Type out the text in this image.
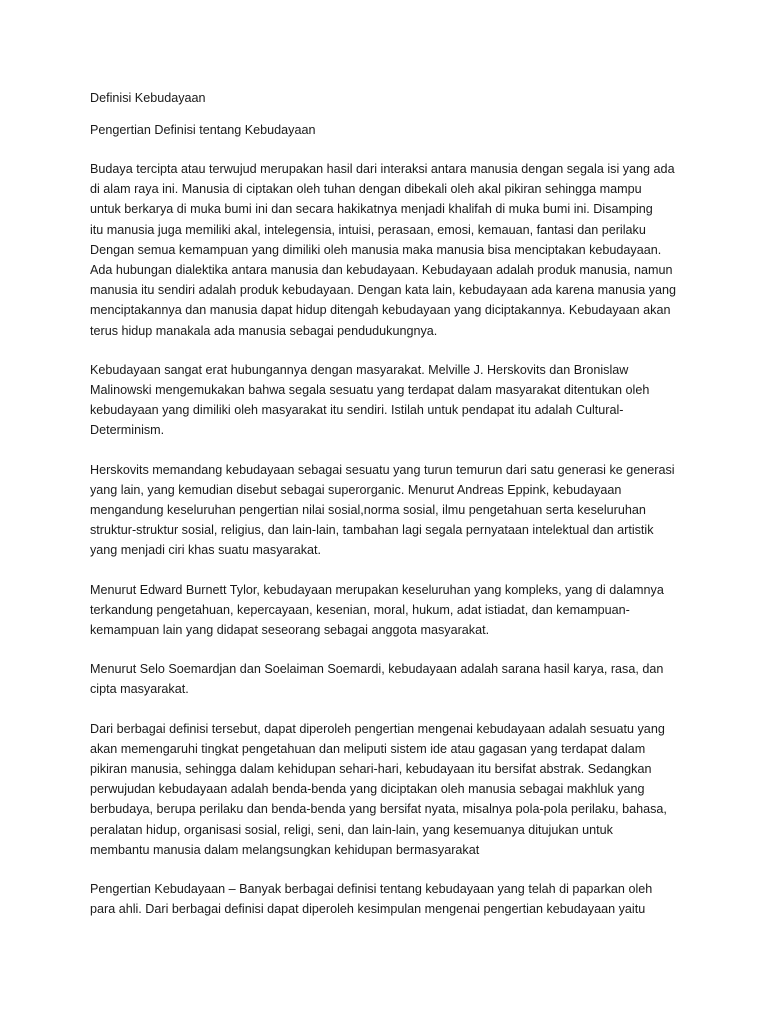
Definisi Kebudayaan
Pengertian Definisi tentang Kebudayaan

Budaya tercipta atau terwujud merupakan hasil dari interaksi antara manusia dengan segala isi yang ada
di alam raya ini. Manusia di ciptakan oleh tuhan dengan dibekali oleh akal pikiran sehingga mampu
untuk berkarya di muka bumi ini dan secara hakikatnya menjadi khalifah di muka bumi ini. Disamping
itu manusia juga memiliki akal, intelegensia, intuisi, perasaan, emosi, kemauan, fantasi dan perilaku
Dengan semua kemampuan yang dimiliki oleh manusia maka manusia bisa menciptakan kebudayaan.
Ada hubungan dialektika antara manusia dan kebudayaan. Kebudayaan adalah produk manusia, namun
manusia itu sendiri adalah produk kebudayaan. Dengan kata lain, kebudayaan ada karena manusia yang
menciptakannya dan manusia dapat hidup ditengah kebudayaan yang diciptakannya. Kebudayaan akan
terus hidup manakala ada manusia sebagai pendudukungnya.

Kebudayaan sangat erat hubungannya dengan masyarakat. Melville J. Herskovits dan Bronislaw
Malinowski mengemukakan bahwa segala sesuatu yang terdapat dalam masyarakat ditentukan oleh
kebudayaan yang dimiliki oleh masyarakat itu sendiri. Istilah untuk pendapat itu adalah Cultural-
Determinism.

Herskovits memandang kebudayaan sebagai sesuatu yang turun temurun dari satu generasi ke generasi
yang lain, yang kemudian disebut sebagai superorganic. Menurut Andreas Eppink, kebudayaan
mengandung keseluruhan pengertian nilai sosial,norma sosial, ilmu pengetahuan serta keseluruhan
struktur-struktur sosial, religius, dan lain-lain, tambahan lagi segala pernyataan intelektual dan artistik
yang menjadi ciri khas suatu masyarakat.

Menurut Edward Burnett Tylor, kebudayaan merupakan keseluruhan yang kompleks, yang di dalamnya
terkandung pengetahuan, kepercayaan, kesenian, moral, hukum, adat istiadat, dan kemampuan-
kemampuan lain yang didapat seseorang sebagai anggota masyarakat.

Menurut Selo Soemardjan dan Soelaiman Soemardi, kebudayaan adalah sarana hasil karya, rasa, dan
cipta masyarakat.

Dari berbagai definisi tersebut, dapat diperoleh pengertian mengenai kebudayaan adalah sesuatu yang
akan memengaruhi tingkat pengetahuan dan meliputi sistem ide atau gagasan yang terdapat dalam
pikiran manusia, sehingga dalam kehidupan sehari-hari, kebudayaan itu bersifat abstrak. Sedangkan
perwujudan kebudayaan adalah benda-benda yang diciptakan oleh manusia sebagai makhluk yang
berbudaya, berupa perilaku dan benda-benda yang bersifat nyata, misalnya pola-pola perilaku, bahasa,
peralatan hidup, organisasi sosial, religi, seni, dan lain-lain, yang kesemuanya ditujukan untuk
membantu manusia dalam melangsungkan kehidupan bermasyarakat

Pengertian Kebudayaan – Banyak berbagai definisi tentang kebudayaan yang telah di paparkan oleh
para ahli. Dari berbagai definisi dapat diperoleh kesimpulan mengenai pengertian kebudayaan yaitu
